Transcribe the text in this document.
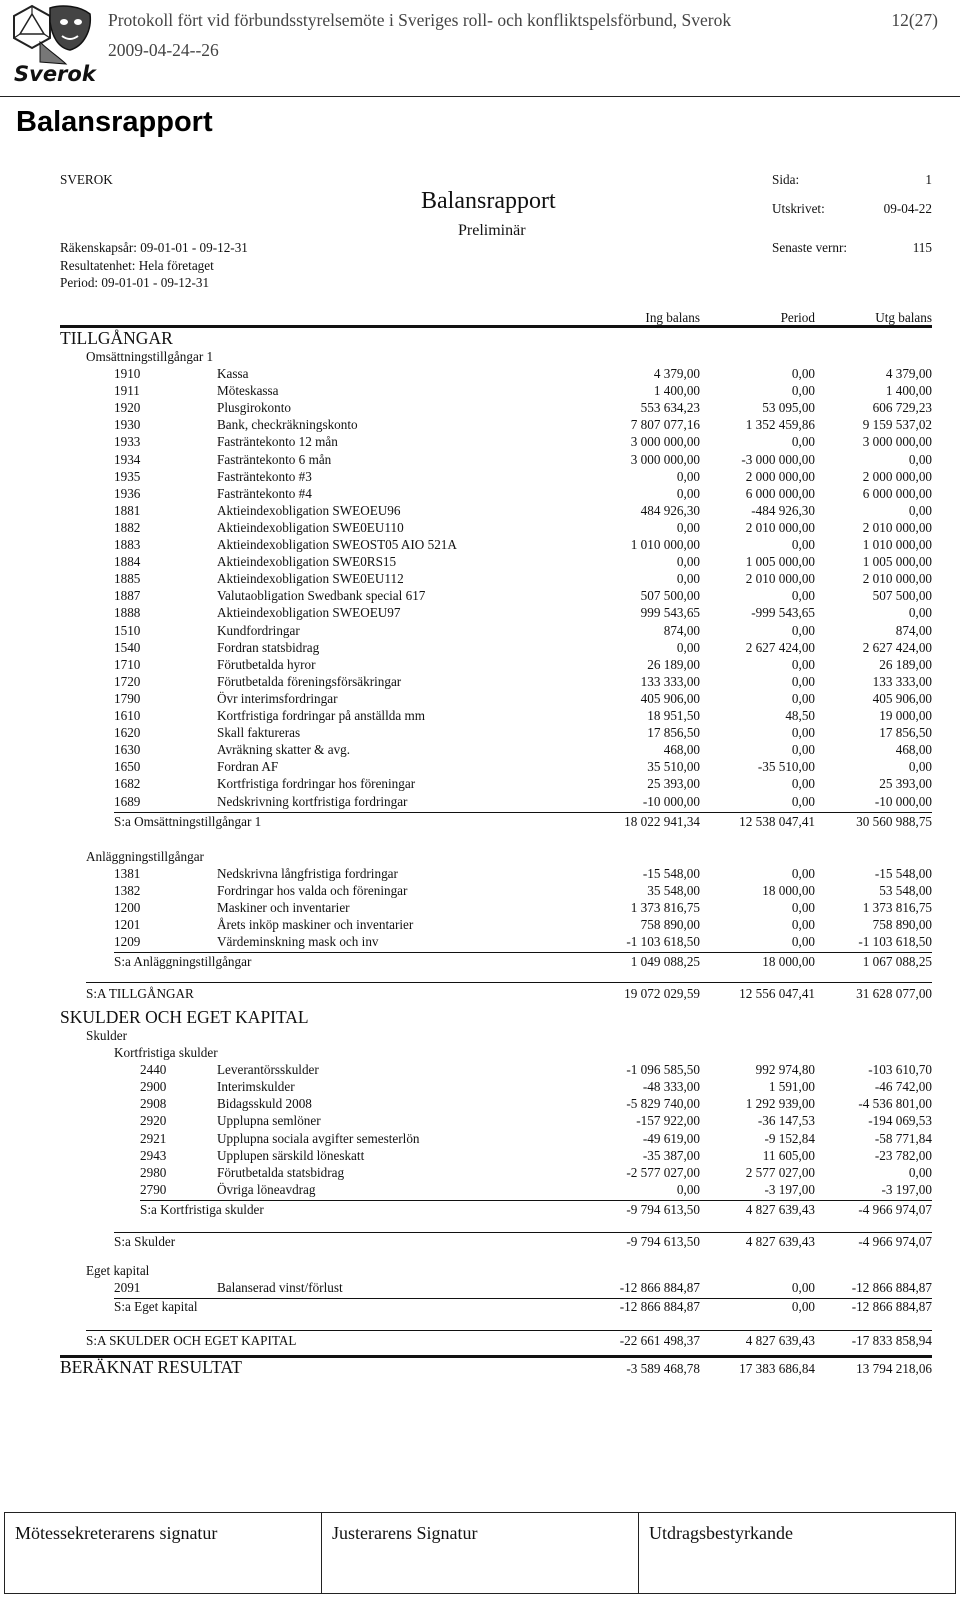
Sverok
Protokoll fört vid förbundsstyrelsemöte i Sveriges roll- och konfliktspelsförbund, Sverok
2009-04-24--26
12(27)
Balansrapport
SVEROK
Balansrapport
Preliminär
Räkenskapsår: 09-01-01 - 09-12-31
Resultatenhet: Hela företaget
Period: 09-01-01 - 09-12-31
Sida:	1
Utskrivet:	09-04-22
Senaste vernr:	115
Ing balans	Period	Utg balans
TILLGÅNGAR
Omsättningstillgångar 1
1910	Kassa	4 379,00	0,00	4 379,00
1911	Möteskassa	1 400,00	0,00	1 400,00
1920	Plusgirokonto	553 634,23	53 095,00	606 729,23
1930	Bank, checkräkningskonto	7 807 077,16	1 352 459,86	9 159 537,02
1933	Fasträntekonto 12 mån	3 000 000,00	0,00	3 000 000,00
1934	Fasträntekonto 6 mån	3 000 000,00	-3 000 000,00	0,00
1935	Fasträntekonto #3	0,00	2 000 000,00	2 000 000,00
1936	Fasträntekonto #4	0,00	6 000 000,00	6 000 000,00
1881	Aktieindexobligation SWEOEU96	484 926,30	-484 926,30	0,00
1882	Aktieindexobligation SWE0EU110	0,00	2 010 000,00	2 010 000,00
1883	Aktieindexobligation SWEOST05 AIO 521A	1 010 000,00	0,00	1 010 000,00
1884	Aktieindexobligation SWE0RS15	0,00	1 005 000,00	1 005 000,00
1885	Aktieindexobligation SWE0EU112	0,00	2 010 000,00	2 010 000,00
1887	Valutaobligation Swedbank special 617	507 500,00	0,00	507 500,00
1888	Aktieindexobligation SWEOEU97	999 543,65	-999 543,65	0,00
1510	Kundfordringar	874,00	0,00	874,00
1540	Fordran statsbidrag	0,00	2 627 424,00	2 627 424,00
1710	Förutbetalda hyror	26 189,00	0,00	26 189,00
1720	Förutbetalda föreningsförsäkringar	133 333,00	0,00	133 333,00
1790	Övr interimsfordringar	405 906,00	0,00	405 906,00
1610	Kortfristiga fordringar på anställda mm	18 951,50	48,50	19 000,00
1620	Skall faktureras	17 856,50	0,00	17 856,50
1630	Avräkning skatter & avg.	468,00	0,00	468,00
1650	Fordran AF	35 510,00	-35 510,00	0,00
1682	Kortfristiga fordringar hos föreningar	25 393,00	0,00	25 393,00
1689	Nedskrivning kortfristiga fordringar	-10 000,00	0,00	-10 000,00
S:a Omsättningstillgångar 1	18 022 941,34	12 538 047,41	30 560 988,75
Anläggningstillgångar
1381	Nedskrivna långfristiga fordringar	-15 548,00	0,00	-15 548,00
1382	Fordringar hos valda och föreningar	35 548,00	18 000,00	53 548,00
1200	Maskiner och inventarier	1 373 816,75	0,00	1 373 816,75
1201	Årets inköp maskiner och inventarier	758 890,00	0,00	758 890,00
1209	Värdeminskning mask och inv	-1 103 618,50	0,00	-1 103 618,50
S:a Anläggningstillgångar	1 049 088,25	18 000,00	1 067 088,25
S:A TILLGÅNGAR	19 072 029,59	12 556 047,41	31 628 077,00
SKULDER OCH EGET KAPITAL
Skulder
Kortfristiga skulder
2440	Leverantörsskulder	-1 096 585,50	992 974,80	-103 610,70
2900	Interimskulder	-48 333,00	1 591,00	-46 742,00
2908	Bidagsskuld 2008	-5 829 740,00	1 292 939,00	-4 536 801,00
2920	Upplupna semlöner	-157 922,00	-36 147,53	-194 069,53
2921	Upplupna sociala avgifter semesterlön	-49 619,00	-9 152,84	-58 771,84
2943	Upplupen särskild löneskatt	-35 387,00	11 605,00	-23 782,00
2980	Förutbetalda statsbidrag	-2 577 027,00	2 577 027,00	0,00
2790	Övriga löneavdrag	0,00	-3 197,00	-3 197,00
S:a Kortfristiga skulder	-9 794 613,50	4 827 639,43	-4 966 974,07
S:a Skulder	-9 794 613,50	4 827 639,43	-4 966 974,07
Eget kapital
2091	Balanserad vinst/förlust	-12 866 884,87	0,00	-12 866 884,87
S:a Eget kapital	-12 866 884,87	0,00	-12 866 884,87
S:A SKULDER OCH EGET KAPITAL	-22 661 498,37	4 827 639,43	-17 833 858,94
BERÄKNAT RESULTAT	-3 589 468,78	17 383 686,84	13 794 218,06
Mötessekreterarens signatur	Justerarens Signatur	Utdragsbestyrkande
